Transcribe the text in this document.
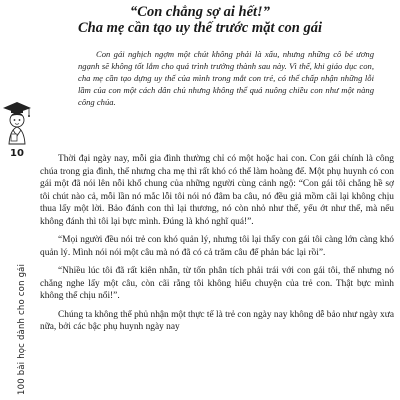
“Con chẳng sợ ai hết!”
Cha mẹ cần tạo uy thế trước mặt con gái

Con gái nghịch ngợm một chút không phải là xấu, nhưng những cô bé ương ngạnh sẽ không tốt lắm cho quá trình trưởng thành sau này. Vì thế, khi giáo dục con, cha mẹ cần tạo dựng uy thế của mình trong mắt con trẻ, có thể chấp nhận những lỗi lầm của con một cách dân chủ nhưng không thể quá nuông chiều con như một nàng công chúa.

10
100 bài học dành cho con gái

Thời đại ngày nay, mỗi gia đình thường chỉ có một hoặc hai con. Con gái chính là công chúa trong gia đình, thế nhưng cha mẹ thì rất khó có thể làm hoàng đế. Một phụ huynh có con gái một đã nói lên nỗi khổ chung của những người cùng cảnh ngộ: “Con gái tôi chẳng hề sợ tôi chút nào cả, mỗi lần nó mắc lỗi tôi nói nó đâm ba câu, nó đều giả mồm cãi lại không chịu thua lấy một lời. Bảo đánh con thì lại thương, nó còn nhỏ như thế, yếu ớt như thế, mà nếu không đánh thì tôi lại bực mình. Đúng là khó nghĩ quá!”.

“Mọi người đều nói trẻ con khó quản lý, nhưng tôi lại thấy con gái tôi càng lớn càng khó quản lý. Mình nói nói một câu mà nó đã có cả trăm câu để phản bác lại rồi”.

“Nhiều lúc tôi đã rất kiên nhẫn, từ tốn phân tích phải trái với con gái tôi, thế nhưng nó chẳng nghe lấy một câu, còn cãi rằng tôi không hiểu chuyện của trẻ con. Thật bực mình không thể chịu nổi!”.

Chúng ta không thể phủ nhận một thực tế là trẻ con ngày nay không dễ bảo như ngày xưa nữa, bởi các bậc phụ huynh ngày nay
